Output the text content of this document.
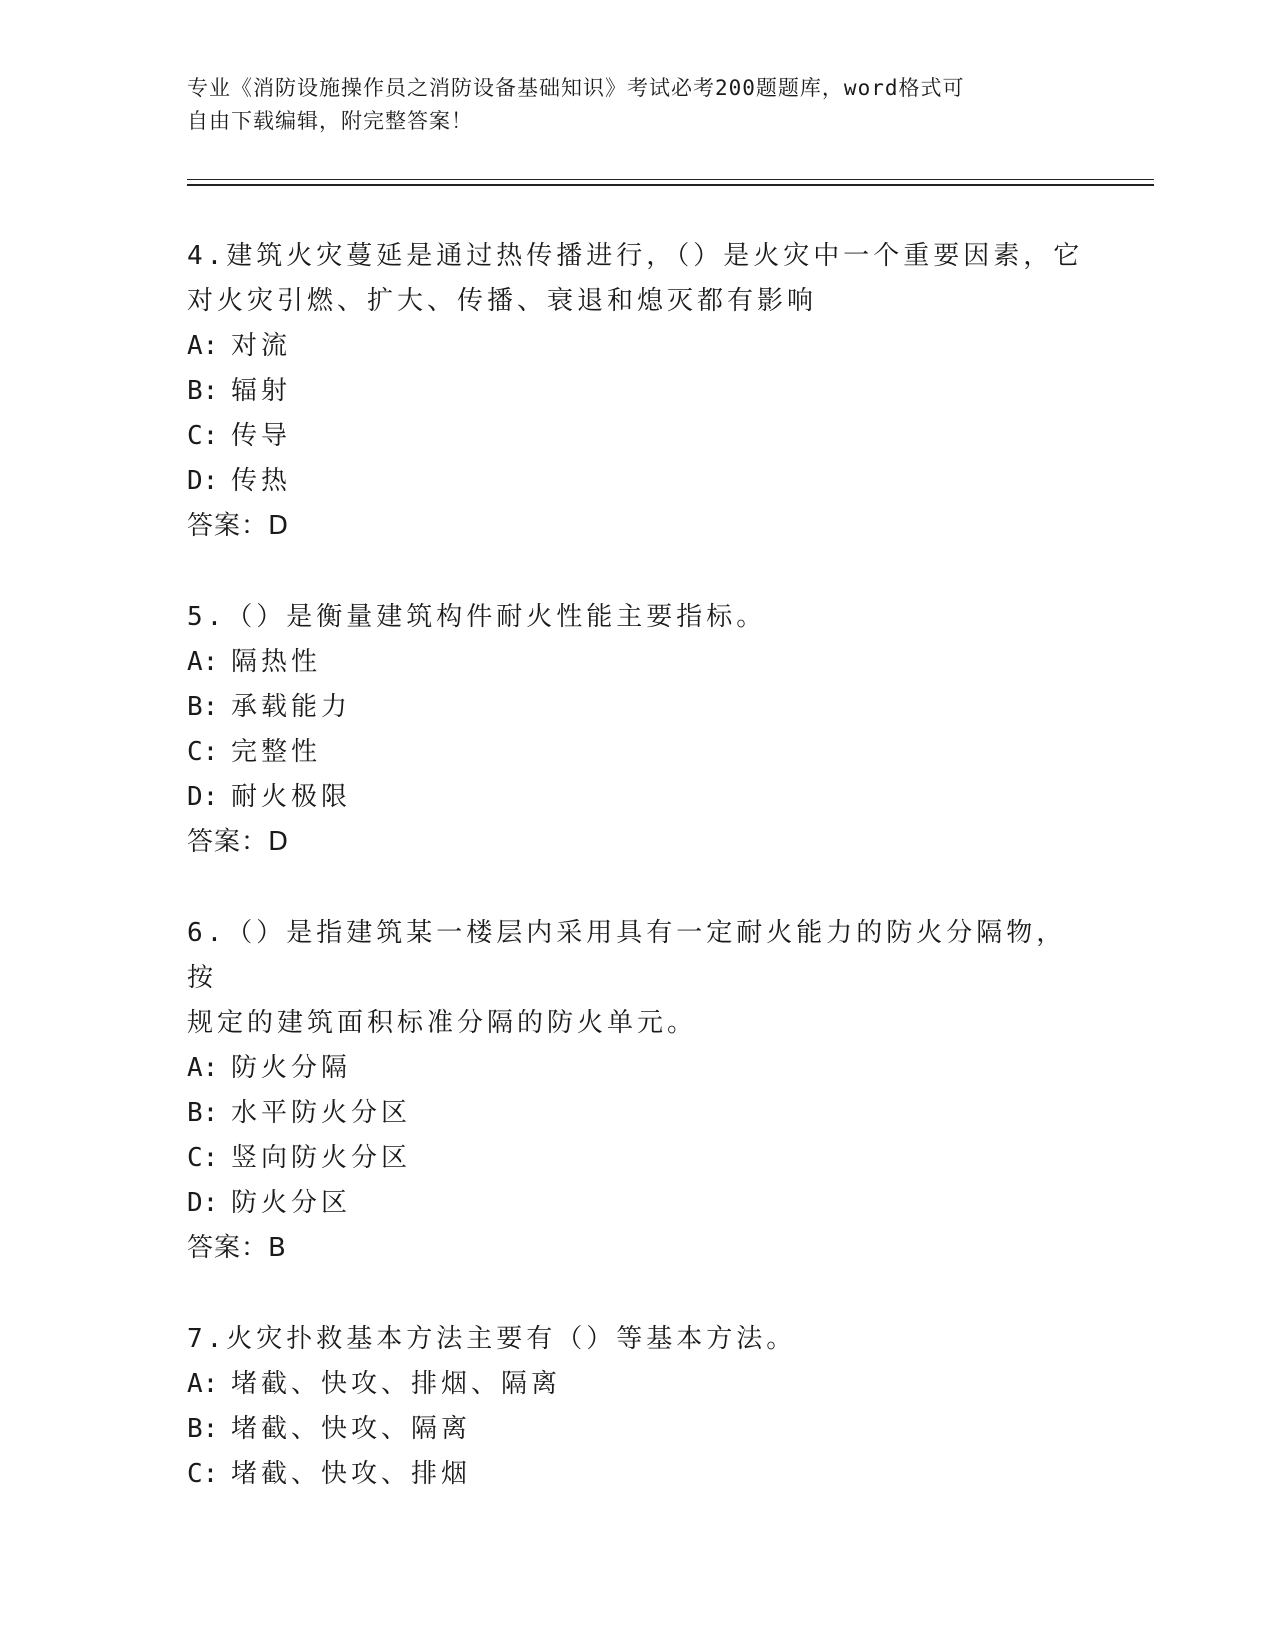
专业《消防设施操作员之消防设备基础知识》考试必考200题题库，word格式可
自由下载编辑，附完整答案！

4.建筑火灾蔓延是通过热传播进行，（）是火灾中一个重要因素，它

对火灾引燃、扩大、传播、衰退和熄灭都有影响

A: 对流

B: 辐射

C: 传导

D: 传热

答案：D

5.（）是衡量建筑构件耐火性能主要指标。

A: 隔热性

B: 承载能力

C: 完整性

D: 耐火极限

答案：D

6.（）是指建筑某一楼层内采用具有一定耐火能力的防火分隔物，按

规定的建筑面积标准分隔的防火单元。

A: 防火分隔

B: 水平防火分区

C: 竖向防火分区

D: 防火分区

答案：B

7.火灾扑救基本方法主要有（）等基本方法。

A: 堵截、快攻、排烟、隔离

B: 堵截、快攻、隔离

C: 堵截、快攻、排烟
